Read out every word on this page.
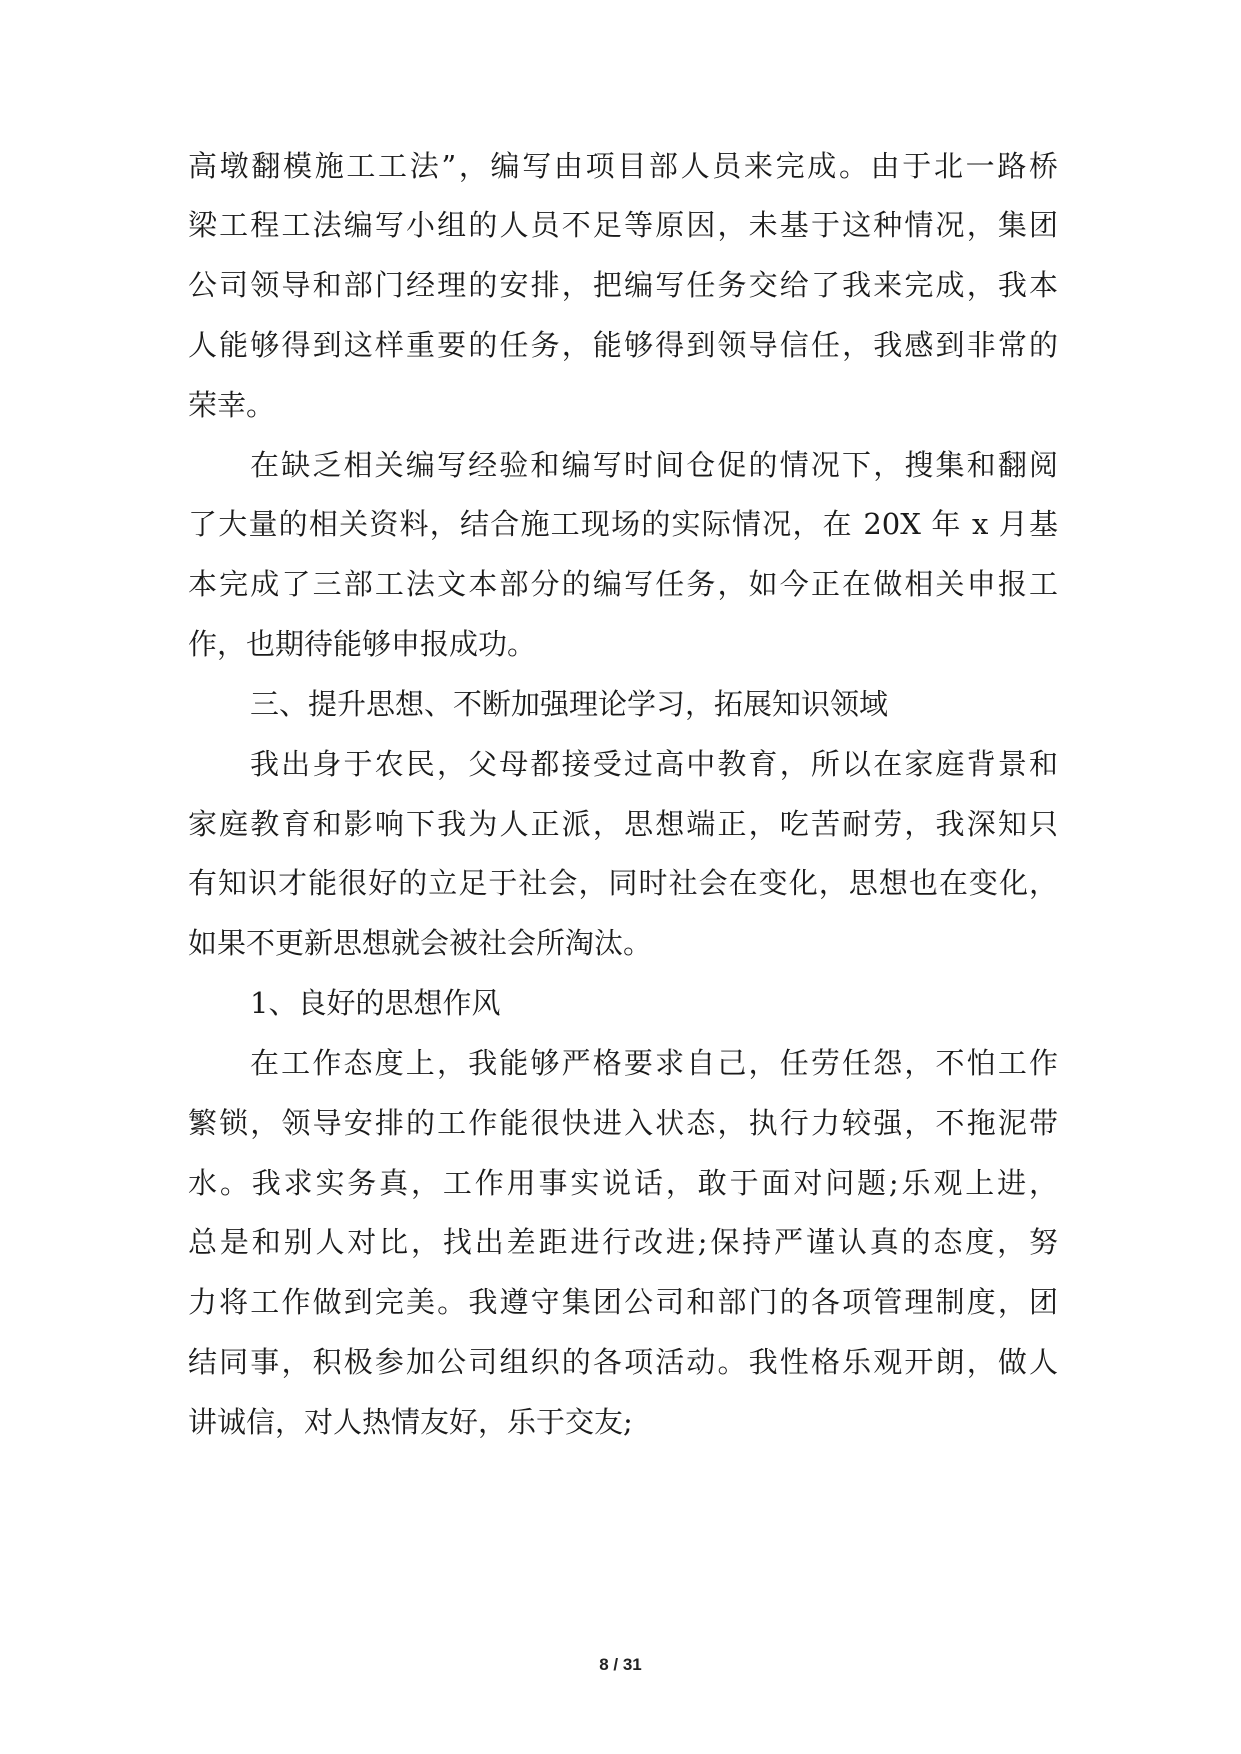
高墩翻模施工工法”，编写由项目部人员来完成。由于北一路桥
梁工程工法编写小组的人员不足等原因，未基于这种情况，集团
公司领导和部门经理的安排，把编写任务交给了我来完成，我本
人能够得到这样重要的任务，能够得到领导信任，我感到非常的
荣幸。
在缺乏相关编写经验和编写时间仓促的情况下，搜集和翻阅
了大量的相关资料，结合施工现场的实际情况，在 20X 年 x 月基
本完成了三部工法文本部分的编写任务，如今正在做相关申报工
作，也期待能够申报成功。
三、提升思想、不断加强理论学习，拓展知识领域
我出身于农民，父母都接受过高中教育，所以在家庭背景和
家庭教育和影响下我为人正派，思想端正，吃苦耐劳，我深知只
有知识才能很好的立足于社会，同时社会在变化，思想也在变化，
如果不更新思想就会被社会所淘汰。
1、良好的思想作风
在工作态度上，我能够严格要求自己，任劳任怨，不怕工作
繁锁，领导安排的工作能很快进入状态，执行力较强，不拖泥带
水。我求实务真，工作用事实说话，敢于面对问题;乐观上进，
总是和别人对比，找出差距进行改进;保持严谨认真的态度，努
力将工作做到完美。我遵守集团公司和部门的各项管理制度，团
结同事，积极参加公司组织的各项活动。我性格乐观开朗，做人
讲诚信，对人热情友好，乐于交友;
8 / 31
